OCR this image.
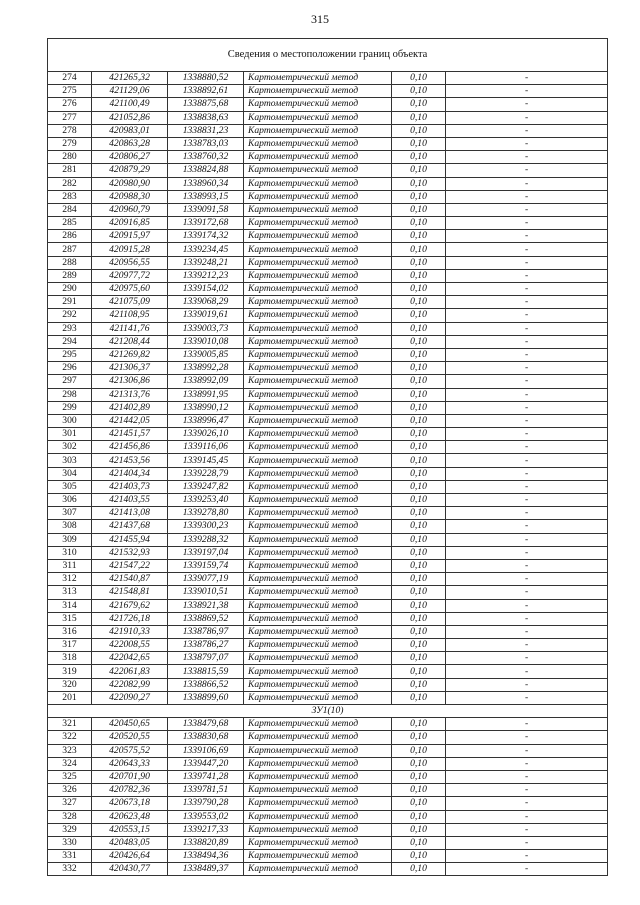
315
Сведения о местоположении границ объекта					
274	421265,32	1338880,52	Картометрический метод	0,10	-
275	421129,06	1338892,61	Картометрический метод	0,10	-
276	421100,49	1338875,68	Картометрический метод	0,10	-
277	421052,86	1338838,63	Картометрический метод	0,10	-
278	420983,01	1338831,23	Картометрический метод	0,10	-
279	420863,28	1338783,03	Картометрический метод	0,10	-
280	420806,27	1338760,32	Картометрический метод	0,10	-
281	420879,29	1338824,88	Картометрический метод	0,10	-
282	420980,90	1338960,34	Картометрический метод	0,10	-
283	420988,30	1338993,15	Картометрический метод	0,10	-
284	420960,79	1339091,58	Картометрический метод	0,10	-
285	420916,85	1339172,68	Картометрический метод	0,10	-
286	420915,97	1339174,32	Картометрический метод	0,10	-
287	420915,28	1339234,45	Картометрический метод	0,10	-
288	420956,55	1339248,21	Картометрический метод	0,10	-
289	420977,72	1339212,23	Картометрический метод	0,10	-
290	420975,60	1339154,02	Картометрический метод	0,10	-
291	421075,09	1339068,29	Картометрический метод	0,10	-
292	421108,95	1339019,61	Картометрический метод	0,10	-
293	421141,76	1339003,73	Картометрический метод	0,10	-
294	421208,44	1339010,08	Картометрический метод	0,10	-
295	421269,82	1339005,85	Картометрический метод	0,10	-
296	421306,37	1338992,28	Картометрический метод	0,10	-
297	421306,86	1338992,09	Картометрический метод	0,10	-
298	421313,76	1338991,95	Картометрический метод	0,10	-
299	421402,89	1338990,12	Картометрический метод	0,10	-
300	421442,05	1338996,47	Картометрический метод	0,10	-
301	421451,57	1339026,10	Картометрический метод	0,10	-
302	421456,86	1339116,06	Картометрический метод	0,10	-
303	421453,56	1339145,45	Картометрический метод	0,10	-
304	421404,34	1339228,79	Картометрический метод	0,10	-
305	421403,73	1339247,82	Картометрический метод	0,10	-
306	421403,55	1339253,40	Картометрический метод	0,10	-
307	421413,08	1339278,80	Картометрический метод	0,10	-
308	421437,68	1339300,23	Картометрический метод	0,10	-
309	421455,94	1339288,32	Картометрический метод	0,10	-
310	421532,93	1339197,04	Картометрический метод	0,10	-
311	421547,22	1339159,74	Картометрический метод	0,10	-
312	421540,87	1339077,19	Картометрический метод	0,10	-
313	421548,81	1339010,51	Картометрический метод	0,10	-
314	421679,62	1338921,38	Картометрический метод	0,10	-
315	421726,18	1338869,52	Картометрический метод	0,10	-
316	421910,33	1338786,97	Картометрический метод	0,10	-
317	422008,55	1338786,27	Картометрический метод	0,10	-
318	422042,65	1338797,07	Картометрический метод	0,10	-
319	422061,83	1338815,59	Картометрический метод	0,10	-
320	422082,99	1338866,52	Картометрический метод	0,10	-
201	422090,27	1338899,60	Картометрический метод	0,10	-
ЗУ1(10)					
321	420450,65	1338479,68	Картометрический метод	0,10	-
322	420520,55	1338830,68	Картометрический метод	0,10	-
323	420575,52	1339106,69	Картометрический метод	0,10	-
324	420643,33	1339447,20	Картометрический метод	0,10	-
325	420701,90	1339741,28	Картометрический метод	0,10	-
326	420782,36	1339781,51	Картометрический метод	0,10	-
327	420673,18	1339790,28	Картометрический метод	0,10	-
328	420623,48	1339553,02	Картометрический метод	0,10	-
329	420553,15	1339217,33	Картометрический метод	0,10	-
330	420483,05	1338820,89	Картометрический метод	0,10	-
331	420426,64	1338494,36	Картометрический метод	0,10	-
332	420430,77	1338489,37	Картометрический метод	0,10	-
